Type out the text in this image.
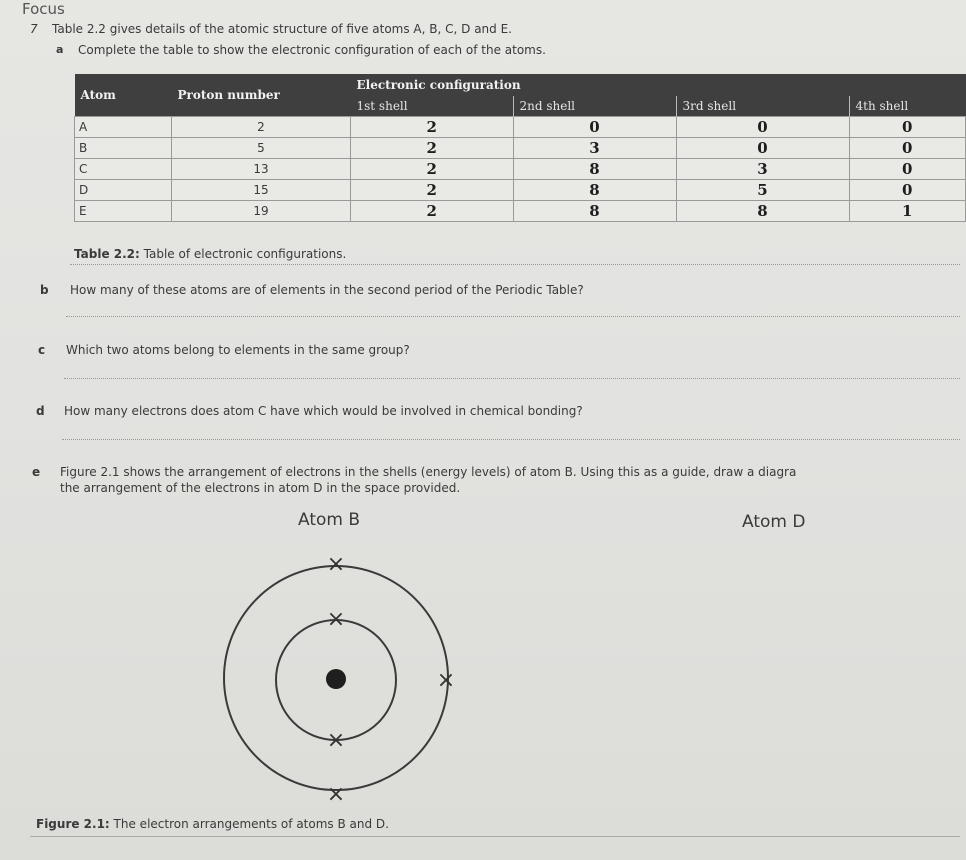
Focus
7 Table 2.2 gives details of the atomic structure of five atoms A, B, C, D and E.
a Complete the table to show the electronic configuration of each of the atoms.
Atom	Proton number	Electronic configuration			
		1st shell	2nd shell	3rd shell	4th shell
A	2	2	0	0	0
B	5	2	3	0	0
C	13	2	8	3	0
D	15	2	8	5	0
E	19	2	8	8	1
Table 2.2: Table of electronic configurations.
b How many of these atoms are of elements in the second period of the Periodic Table?
c Which two atoms belong to elements in the same group?
d How many electrons does atom C have which would be involved in chemical bonding?
e Figure 2.1 shows the arrangement of electrons in the shells (energy levels) of atom B. Using this as a guide, draw a diagra
the arrangement of the electrons in atom D in the space provided.
Atom B	Atom D
×
×
×
×
×
Figure 2.1: The electron arrangements of atoms B and D.
